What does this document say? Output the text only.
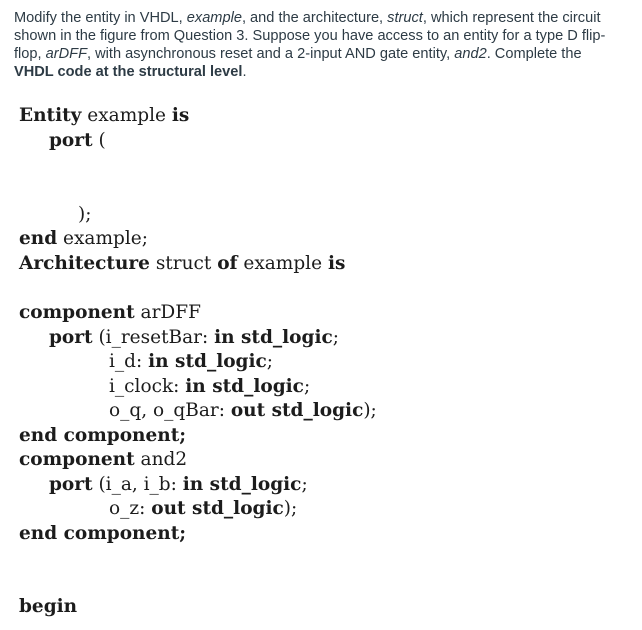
Modify the entity in VHDL, example, and the architecture, struct, which represent the circuit shown in the figure from Question 3. Suppose you have access to an entity for a type D flip-flop, arDFF, with asynchronous reset and a 2-input AND gate entity, and2. Complete the VHDL code at the structural level.

Entity example is
port (
);
end example;
Architecture struct of example is
component arDFF
port (i_resetBar: in std_logic;
i_d: in std_logic;
i_clock: in std_logic;
o_q, o_qBar: out std_logic);
end component;
component and2
port (i_a, i_b: in std_logic;
o_z: out std_logic);
end component;
begin
